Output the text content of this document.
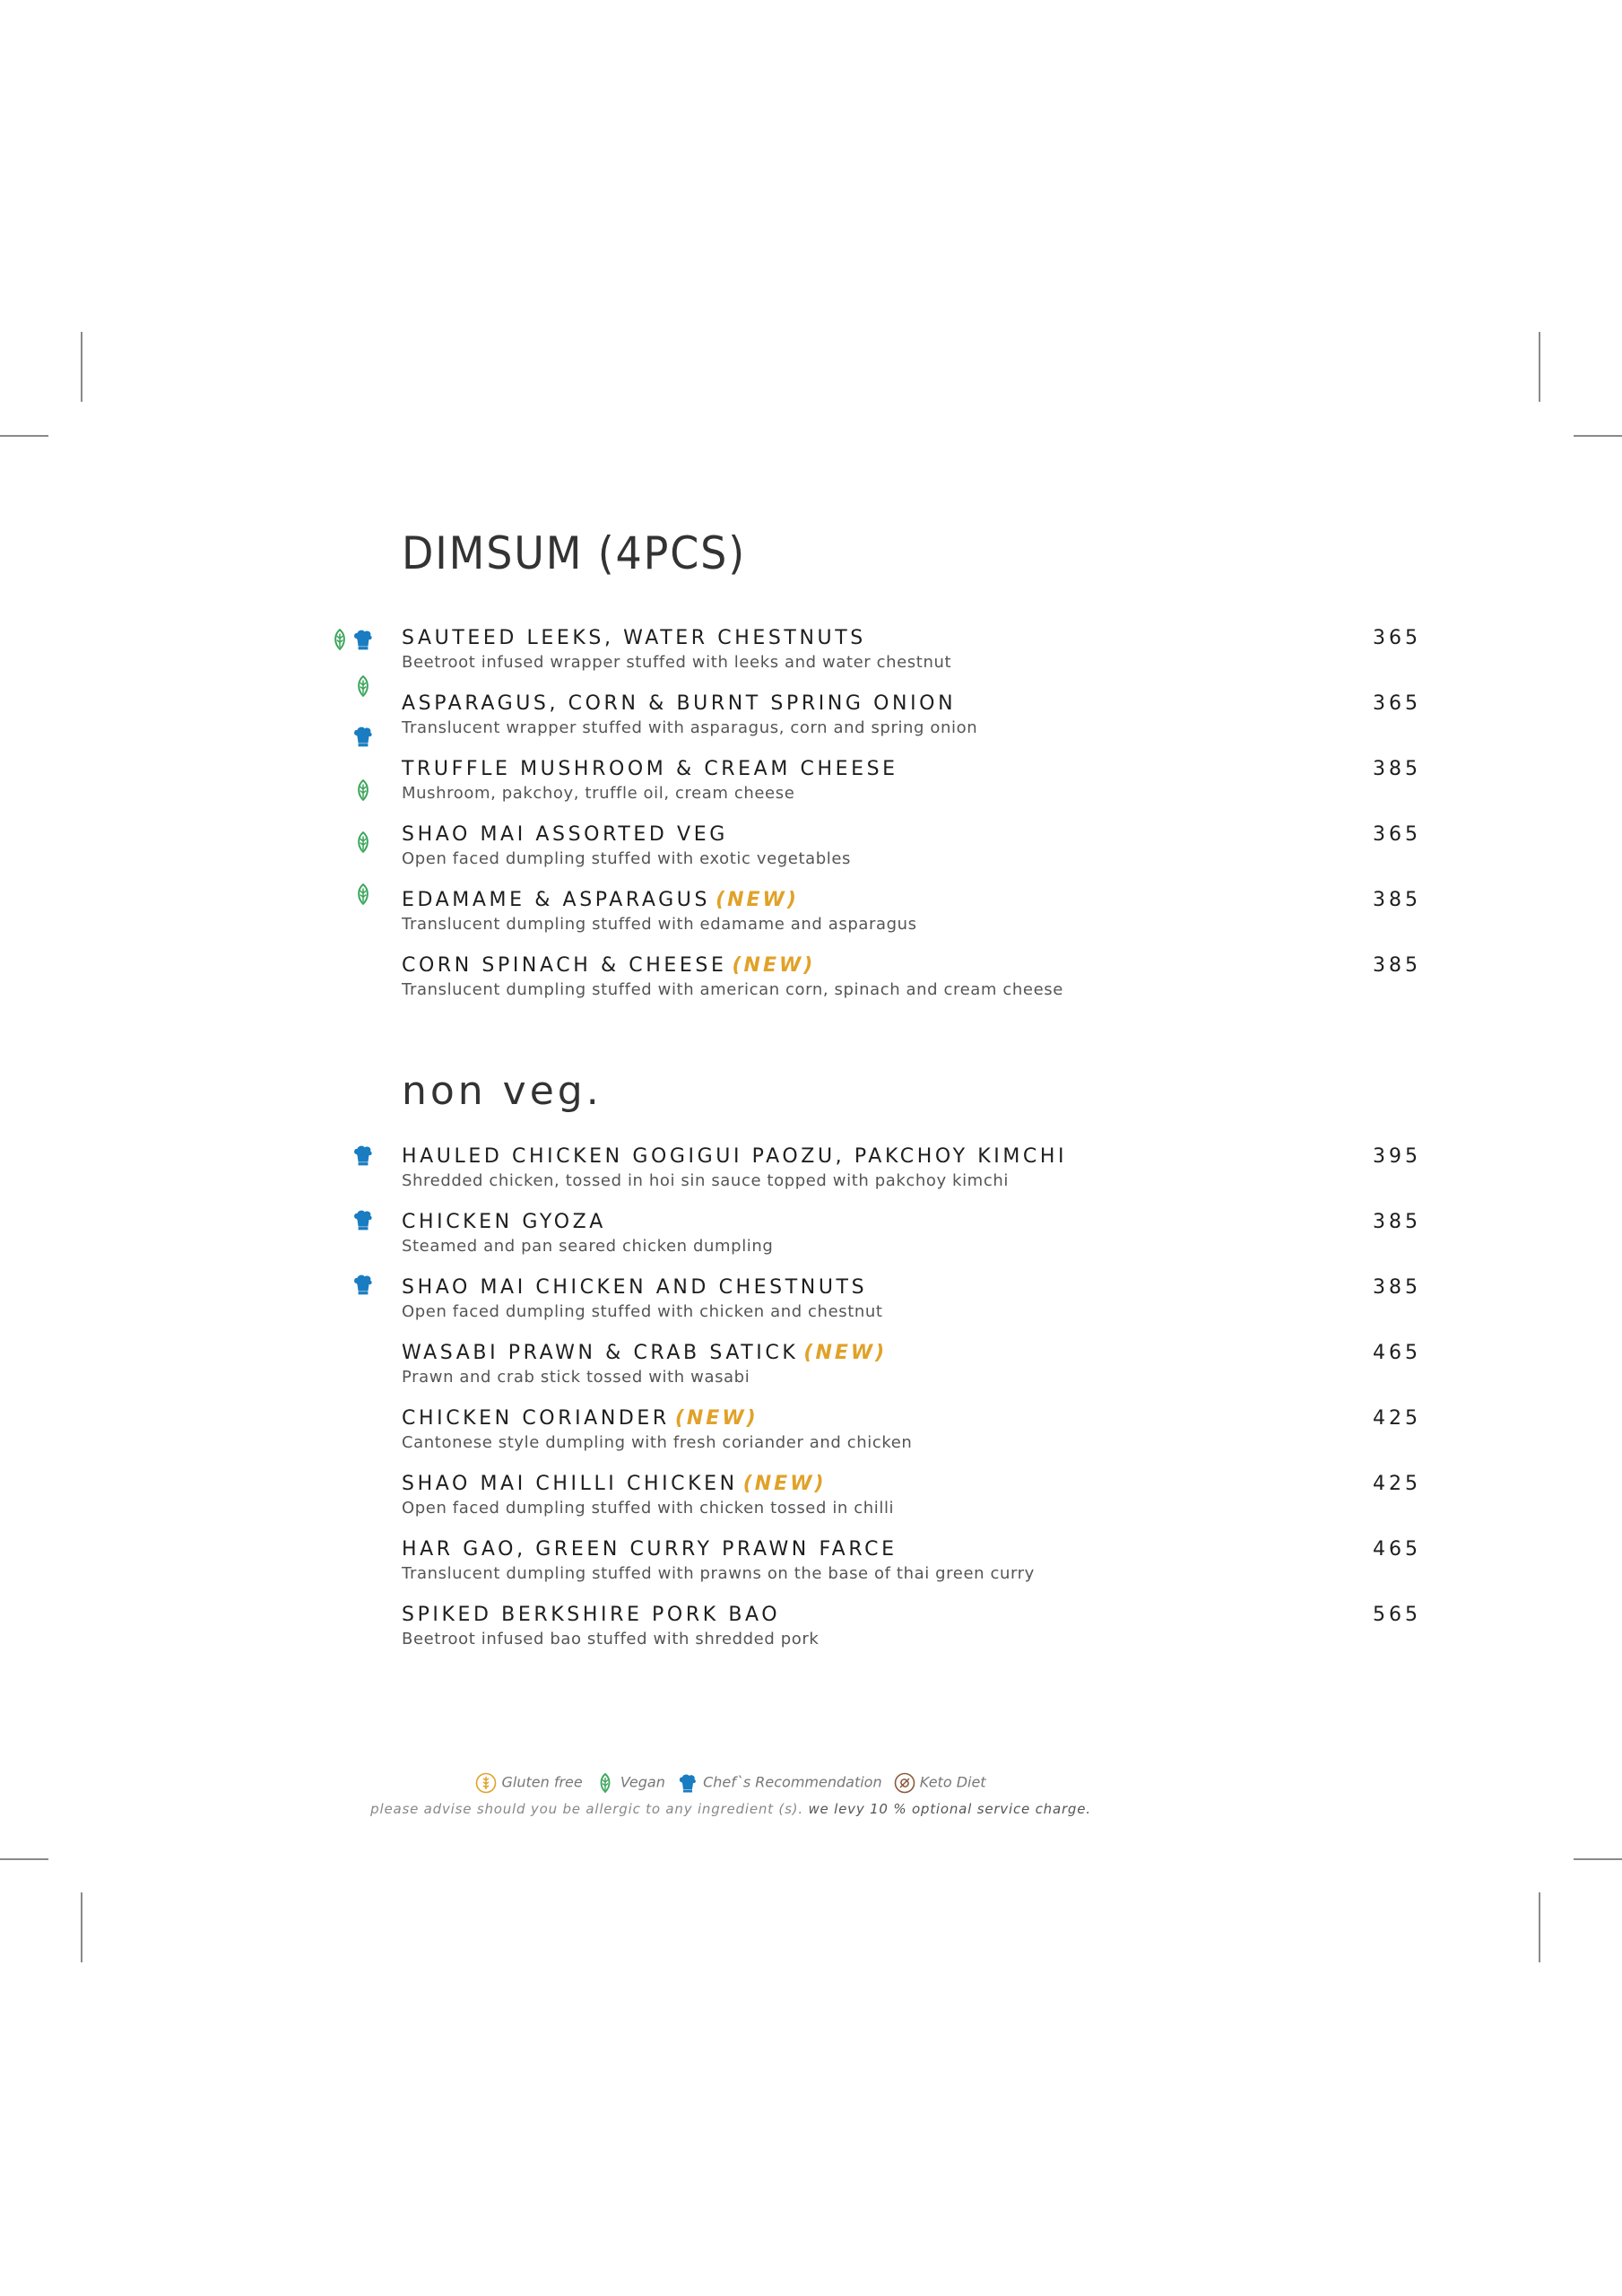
DIMSUM (4PCS)
SAUTEED LEEKS, WATER CHESTNUTS
Beetroot infused wrapper stuffed with leeks and water chestnut
365
ASPARAGUS, CORN & BURNT SPRING ONION
Translucent wrapper stuffed with asparagus, corn and spring onion
365
TRUFFLE MUSHROOM & CREAM CHEESE
Mushroom, pakchoy, truffle oil, cream cheese
385
SHAO MAI ASSORTED VEG
Open faced dumpling stuffed with exotic vegetables
365
EDAMAME & ASPARAGUS (NEW)
Translucent dumpling stuffed with edamame and asparagus
385
CORN SPINACH & CHEESE (NEW)
Translucent dumpling stuffed with american corn, spinach and cream cheese
385
non veg.
HAULED CHICKEN GOGIGUI PAOZU, PAKCHOY KIMCHI
Shredded chicken, tossed in hoi sin sauce topped with pakchoy kimchi
395
CHICKEN GYOZA
Steamed and pan seared chicken dumpling
385
SHAO MAI CHICKEN AND CHESTNUTS
Open faced dumpling stuffed with chicken and chestnut
385
WASABI PRAWN & CRAB SATICK (NEW)
Prawn and crab stick tossed with wasabi
465
CHICKEN CORIANDER (NEW)
Cantonese style dumpling with fresh coriander and chicken
425
SHAO MAI CHILLI CHICKEN (NEW)
Open faced dumpling stuffed with chicken tossed in chilli
425
HAR GAO, GREEN CURRY PRAWN FARCE
Translucent dumpling stuffed with prawns on the base of thai green curry
465
SPIKED BERKSHIRE PORK BAO
Beetroot infused bao stuffed with shredded pork
565
Gluten free	Vegan	Chef`s Recommendation	Keto Diet
please advise should you be allergic to any ingredient (s). we levy 10 % optional service charge.
